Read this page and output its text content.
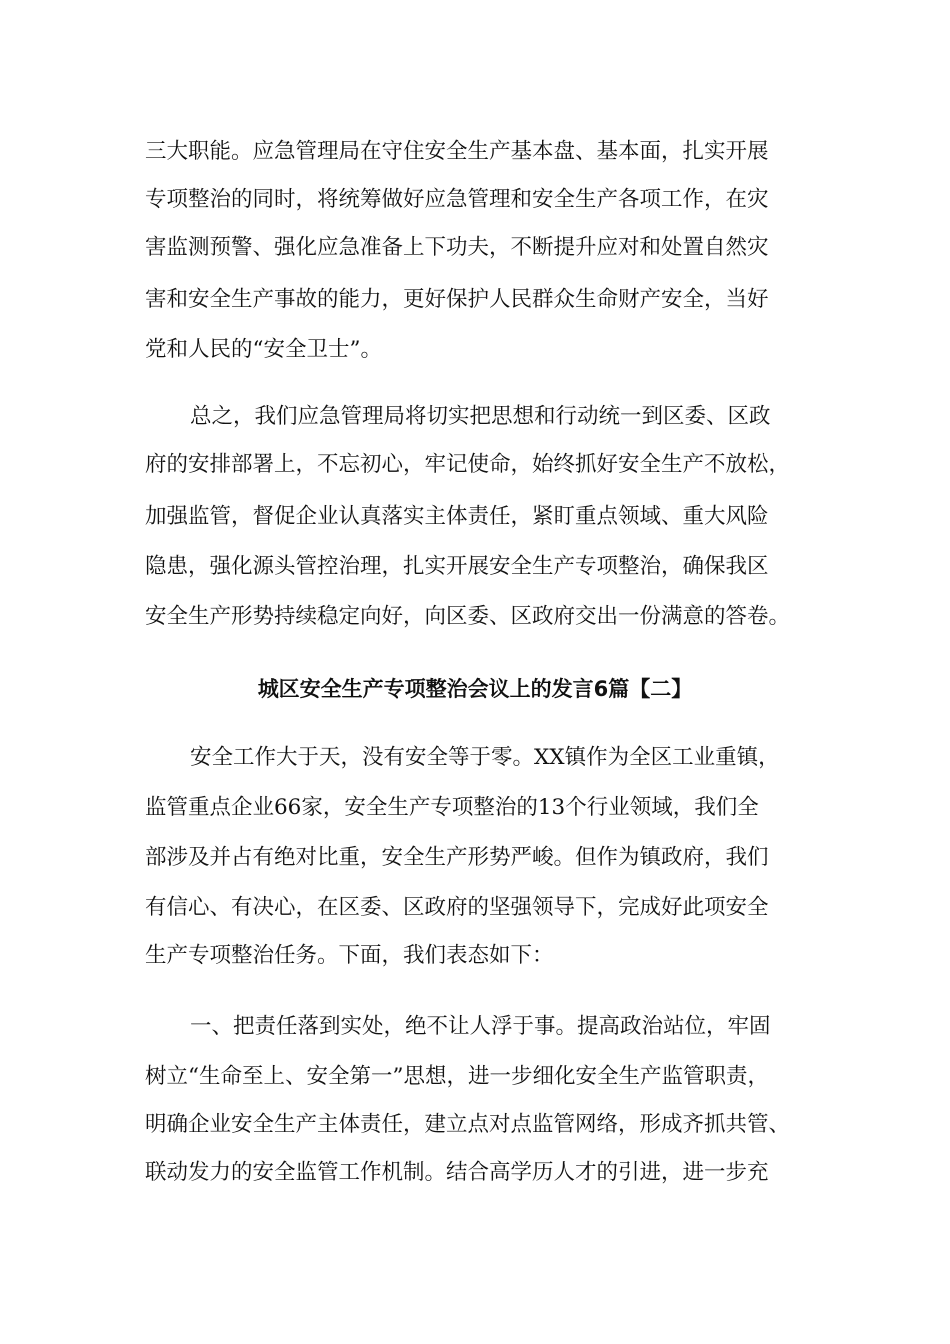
三大职能。应急管理局在守住安全生产基本盘、基本面，扎实开展
专项整治的同时，将统筹做好应急管理和安全生产各项工作，在灾
害监测预警、强化应急准备上下功夫，不断提升应对和处置自然灾
害和安全生产事故的能力，更好保护人民群众生命财产安全，当好
党和人民的“安全卫士”。
总之，我们应急管理局将切实把思想和行动统一到区委、区政
府的安排部署上，不忘初心，牢记使命，始终抓好安全生产不放松，
加强监管，督促企业认真落实主体责任，紧盯重点领域、重大风险
隐患，强化源头管控治理，扎实开展安全生产专项整治，确保我区
安全生产形势持续稳定向好，向区委、区政府交出一份满意的答卷。
城区安全生产专项整治会议上的发言6篇【二】
安全工作大于天，没有安全等于零。XX镇作为全区工业重镇，
监管重点企业66家，安全生产专项整治的13个行业领域，我们全
部涉及并占有绝对比重，安全生产形势严峻。但作为镇政府，我们
有信心、有决心，在区委、区政府的坚强领导下，完成好此项安全
生产专项整治任务。下面，我们表态如下：
一、把责任落到实处，绝不让人浮于事。提高政治站位，牢固
树立“生命至上、安全第一”思想，进一步细化安全生产监管职责，
明确企业安全生产主体责任，建立点对点监管网络，形成齐抓共管、
联动发力的安全监管工作机制。结合高学历人才的引进，进一步充
